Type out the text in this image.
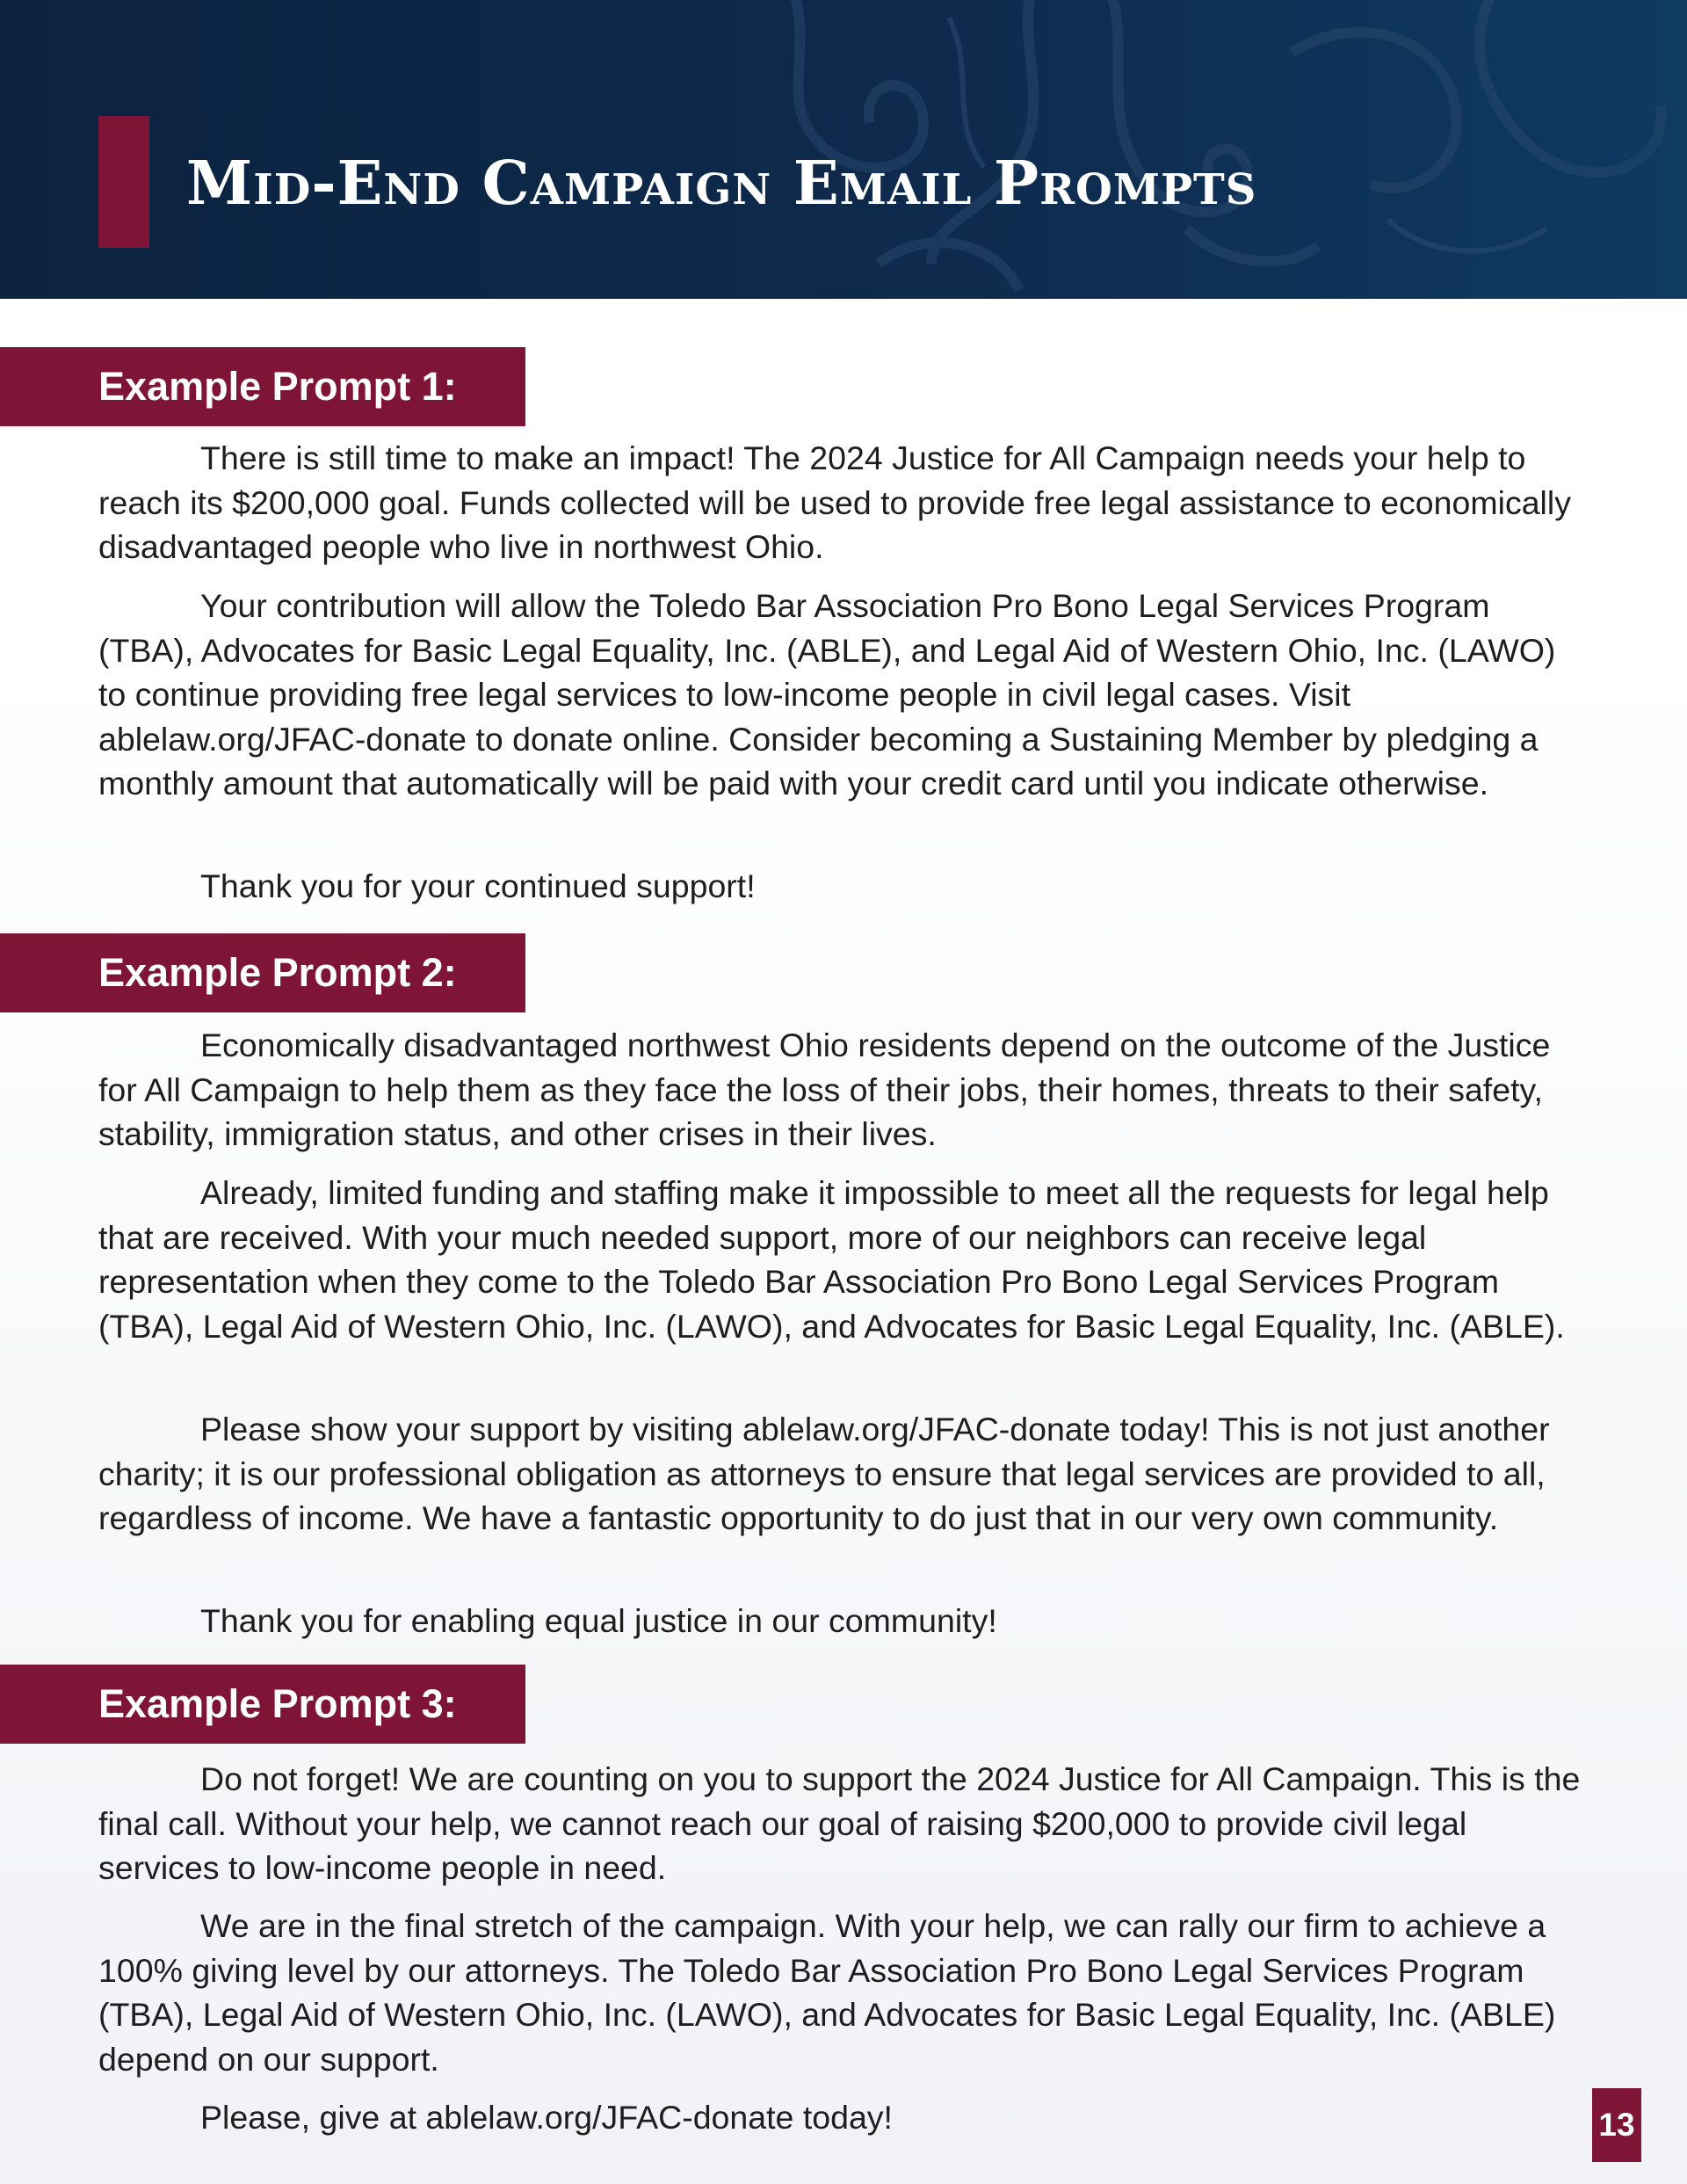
Mid-End Campaign Email Prompts
Example Prompt 1:

There is still time to make an impact! The 2024 Justice for All Campaign needs your help to reach its $200,000 goal. Funds collected will be used to provide free legal assistance to economically disadvantaged people who live in northwest Ohio.

Your contribution will allow the Toledo Bar Association Pro Bono Legal Services Program (TBA), Advocates for Basic Legal Equality, Inc. (ABLE), and Legal Aid of Western Ohio, Inc. (LAWO) to continue providing free legal services to low-income people in civil legal cases. Visit ablelaw.org/JFAC-donate to donate online. Consider becoming a Sustaining Member by pledging a monthly amount that automatically will be paid with your credit card until you indicate otherwise.

Thank you for your continued support!

Example Prompt 2:

Economically disadvantaged northwest Ohio residents depend on the outcome of the Justice for All Campaign to help them as they face the loss of their jobs, their homes, threats to their safety, stability, immigration status, and other crises in their lives.

Already, limited funding and staffing make it impossible to meet all the requests for legal help that are received. With your much needed support, more of our neighbors can receive legal representation when they come to the Toledo Bar Association Pro Bono Legal Services Program (TBA), Legal Aid of Western Ohio, Inc. (LAWO), and Advocates for Basic Legal Equality, Inc. (ABLE).

Please show your support by visiting ablelaw.org/JFAC-donate today! This is not just another charity; it is our professional obligation as attorneys to ensure that legal services are provided to all, regardless of income. We have a fantastic opportunity to do just that in our very own community.

Thank you for enabling equal justice in our community!

Example Prompt 3:

Do not forget! We are counting on you to support the 2024 Justice for All Campaign. This is the final call. Without your help, we cannot reach our goal of raising $200,000 to provide civil legal services to low-income people in need.

We are in the final stretch of the campaign. With your help, we can rally our firm to achieve a 100% giving level by our attorneys. The Toledo Bar Association Pro Bono Legal Services Program (TBA), Legal Aid of Western Ohio, Inc. (LAWO), and Advocates for Basic Legal Equality, Inc. (ABLE) depend on our support.

Please, give at ablelaw.org/JFAC-donate today!	13
